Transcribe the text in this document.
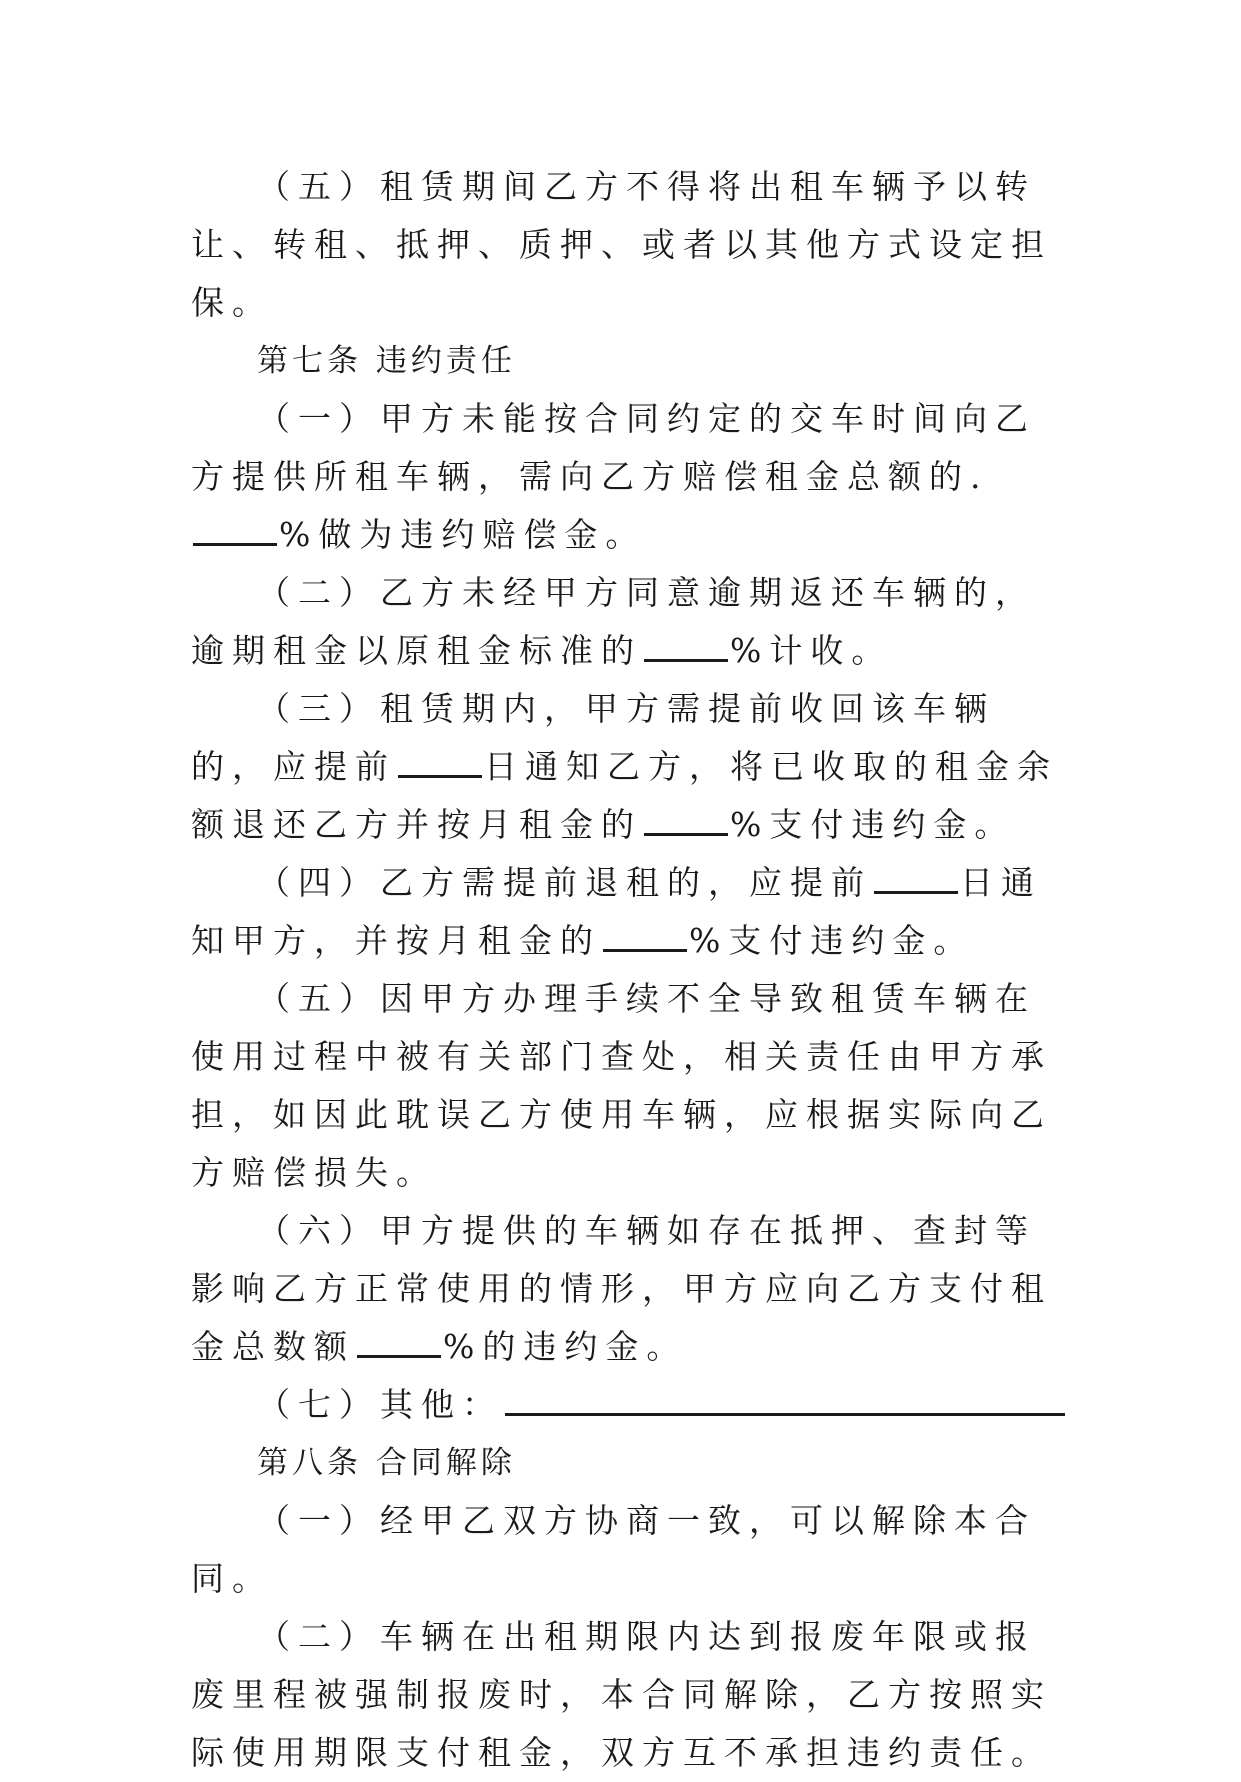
（五）租赁期间乙方不得将出租车辆予以转让、转租、抵押、质押、或者以其他方式设定担保。

第七条 违约责任

（一）甲方未能按合同约定的交车时间向乙方提供所租车辆，需向乙方赔偿租金总额的.%做为违约赔偿金。

（二）乙方未经甲方同意逾期返还车辆的，逾期租金以原租金标准的	%计收。

（三）租赁期内，甲方需提前收回该车辆的，应提前	日通知乙方，将已收取的租金余额退还乙方并按月租金的	%支付违约金。

（四）乙方需提前退租的，应提前	日通知甲方，并按月租金的	%支付违约金。

（五）因甲方办理手续不全导致租赁车辆在使用过程中被有关部门查处，相关责任由甲方承担，如因此耽误乙方使用车辆，应根据实际向乙方赔偿损失。

（六）甲方提供的车辆如存在抵押、查封等影响乙方正常使用的情形，甲方应向乙方支付租金总数额	%的违约金。

（七）其他：

第八条 合同解除

（一）经甲乙双方协商一致，可以解除本合同。

（二）车辆在出租期限内达到报废年限或报废里程被强制报废时，本合同解除，乙方按照实际使用期限支付租金，双方互不承担违约责任。
